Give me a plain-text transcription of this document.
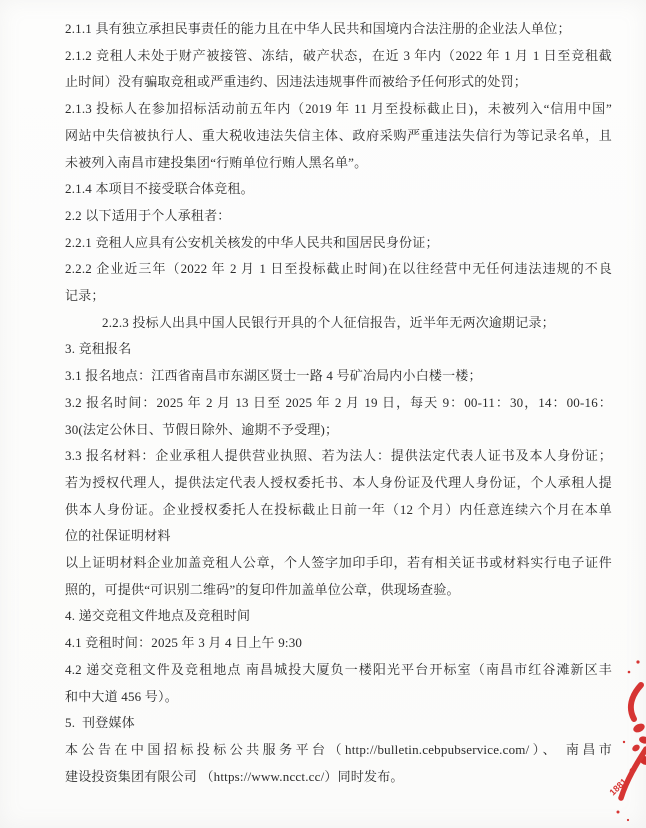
2.1.1 具有独立承担民事责任的能力且在中华人民共和国境内合法注册的企业法人单位；
2.1.2 竞租人未处于财产被接管、冻结，破产状态，在近 3 年内（2022 年 1 月 1 日至竞租截
止时间）没有骗取竞租或严重违约、因违法违规事件而被给予任何形式的处罚；
2.1.3 投标人在参加招标活动前五年内（2019 年 11 月至投标截止日)，未被列入“信用中国”
网站中失信被执行人、重大税收违法失信主体、政府采购严重违法失信行为等记录名单，且
未被列入南昌市建投集团“行贿单位行贿人黑名单”。
2.1.4 本项目不接受联合体竞租。
2.2 以下适用于个人承租者：
2.2.1 竞租人应具有公安机关核发的中华人民共和国居民身份证；
2.2.2 企业近三年（2022 年 2 月 1 日至投标截止时间)在以往经营中无任何违法违规的不良
记录；
2.2.3 投标人出具中国人民银行开具的个人征信报告，近半年无两次逾期记录；
3. 竞租报名
3.1 报名地点：江西省南昌市东湖区贤士一路 4 号矿冶局内小白楼一楼；
3.2 报名时间：2025 年 2 月 13 日至 2025 年 2 月 19 日，每天 9：00-11：30，14：00-16：
30(法定公休日、节假日除外、逾期不予受理)；
3.3 报名材料：企业承租人提供营业执照、若为法人：提供法定代表人证书及本人身份证；
若为授权代理人，提供法定代表人授权委托书、本人身份证及代理人身份证，个人承租人提
供本人身份证。企业授权委托人在投标截止日前一年（12 个月）内任意连续六个月在本单
位的社保证明材料
以上证明材料企业加盖竞租人公章，个人签字加印手印，若有相关证书或材料实行电子证件
照的，可提供“可识别二维码”的复印件加盖单位公章，供现场查验。
4. 递交竞租文件地点及竞租时间
4.1 竞租时间：2025 年 3 月 4 日上午 9:30
4.2 递交竞租文件及竞租地点 南昌城投大厦负一楼阳光平台开标室（南昌市红谷滩新区丰
和中大道 456 号）。
5.  刊登媒体
本公告在中国招标投标公共服务平台（http://bulletin.cebpubservice.com/）、 南昌市
建设投资集团有限公司 （https://www.ncct.cc/）同时发布。
1881
